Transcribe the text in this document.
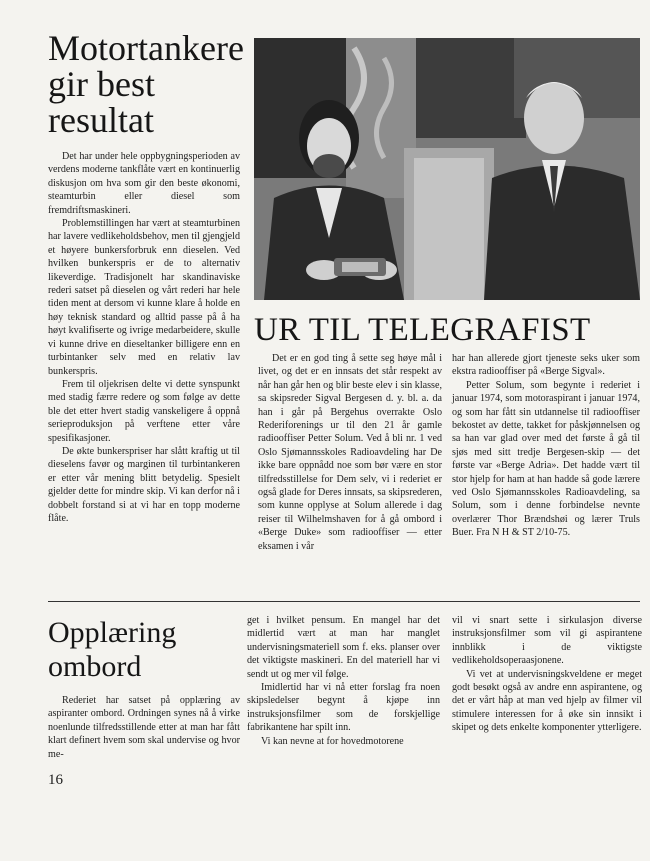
Motortankere gir best resultat

Det har under hele oppbygningsperioden av verdens moderne tankflåte vært en kontinuerlig diskusjon om hva som gir den beste økonomi, steamturbin eller diesel som fremdriftsmaskineri.

Problemstillingen har vært at steamturbinen har lavere vedlikeholdsbehov, men til gjengjeld et høyere bunkersforbruk enn dieselen. Ved hvilken bunkerspris er de to alternativ likeverdige. Tradisjonelt har skandinaviske rederi satset på dieselen og vårt rederi har hele tiden ment at dersom vi kunne klare å holde en høy teknisk standard og alltid passe på å ha høyt kvalifiserte og ivrige medarbeidere, skulle vi kunne drive en dieseltanker billigere enn en turbintanker selv med en relativ lav bunkerspris.

Frem til oljekrisen delte vi dette synspunkt med stadig færre redere og som følge av dette ble det etter hvert stadig vanskeligere å oppnå serieproduksjon på verftene etter våre spesifikasjoner.

De økte bunkerspriser har slått kraftig ut til dieselens favør og marginen til turbintankeren er etter vår mening blitt betydelig. Spesielt gjelder dette for mindre skip. Vi kan derfor nå i dobbelt forstand si at vi har en topp moderne flåte.

UR TIL TELEGRAFIST

Det er en god ting å sette seg høye mål i livet, og det er en innsats det står respekt av når han går hen og blir beste elev i sin klasse, sa skipsreder Sigval Bergesen d. y. bl. a. da han i går på Bergehus overrakte Oslo Rederiforenings ur til den 21 år gamle radiooffiser Petter Solum. Ved å bli nr. 1 ved Oslo Sjømannsskoles Radioavdeling har De ikke bare oppnådd noe som bør være en stor tilfredsstillelse for Dem selv, vi i rederiet er også glade for Deres innsats, sa skipsrederen, som kunne opplyse at Solum allerede i dag reiser til Wilhelmshaven for å gå ombord i «Berge Duke» som radiooffiser — etter eksamen i vår

har han allerede gjort tjeneste seks uker som ekstra radiooffiser på «Berge Sigval».

Petter Solum, som begynte i rederiet i januar 1974, som motoraspirant i januar 1974, og som har fått sin utdannelse til radiooffiser bekostet av dette, takket for påskjønnelsen og sa han var glad over med det første å gå til sjøs med sitt tredje Bergesen-skip — det første var «Berge Adria». Det hadde vært til stor hjelp for ham at han hadde så gode lærere ved Oslo Sjømannsskoles Radioavdeling, sa Solum, som i denne forbindelse nevnte overlærer Thor Brændshøi og lærer Truls Buer. Fra N H & ST 2/10-75.

Opplæring ombord

Rederiet har satset på opplæring av aspiranter ombord. Ordningen synes nå å virke noenlunde tilfredsstillende etter at man har fått klart definert hvem som skal undervise og hvor me-

get i hvilket pensum. En mangel har det midlertid vært at man har manglet undervisningsmateriell som f. eks. planser over det viktigste maskineri. En del materiell har vi sendt ut og mer vil følge.

Imidlertid har vi nå etter forslag fra noen skipsledelser begynt å kjøpe inn instruksjonsfilmer som de forskjellige fabrikantene har spilt inn.

Vi kan nevne at for hovedmotorene

vil vi snart sette i sirkulasjon diverse instruksjonsfilmer som vil gi aspirantene innblikk i de viktigste vedlikeholdsoperaasjonene.

Vi vet at undervisningskveldene er meget godt besøkt også av andre enn aspirantene, og det er vårt håp at man ved hjelp av filmer vil stimulere interessen for å øke sin innsikt i skipet og dets enkelte komponenter ytterligere.

16
